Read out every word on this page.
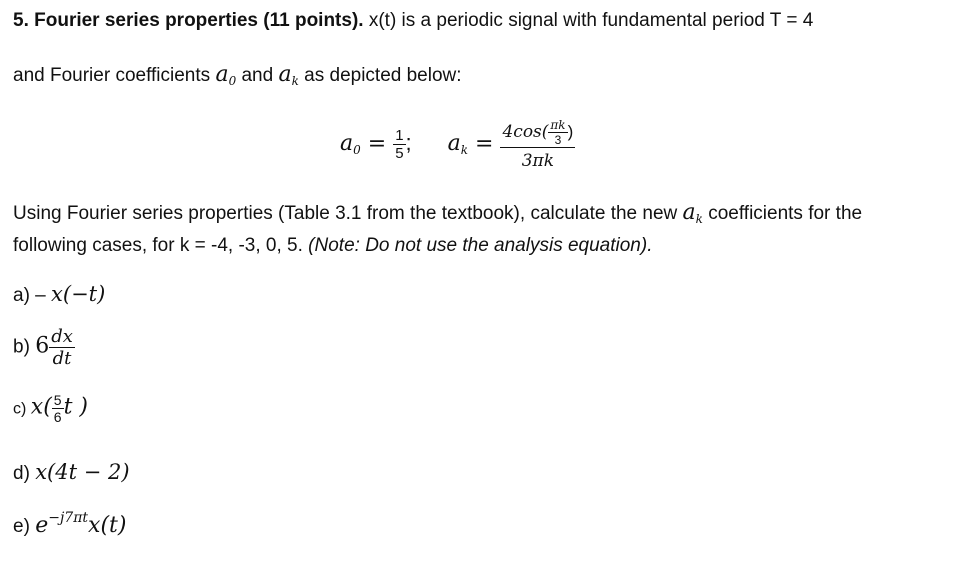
5. Fourier series properties (11 points). x(t) is a periodic signal with fundamental period T = 4
and Fourier coefficients $a_0$ and $a_k$ as depicted below:
$a_0 = \frac{1}{5}$ ; $a_k = \frac{4\cos( \frac{\pi k}{3} )}{3\pi k}$
Using Fourier series properties (Table 3.1 from the textbook), calculate the new $a_k$ coefficients for the
following cases, for k = -4, -3, 0, 5. (Note: Do not use the analysis equation).
a) – x(−t)
b) $6 \frac{dx}{dt}$
c) $x( \frac{5}{6}$ t )
d) x(4t − 2)
e) $e^{-j7\pi t}x(t)$
